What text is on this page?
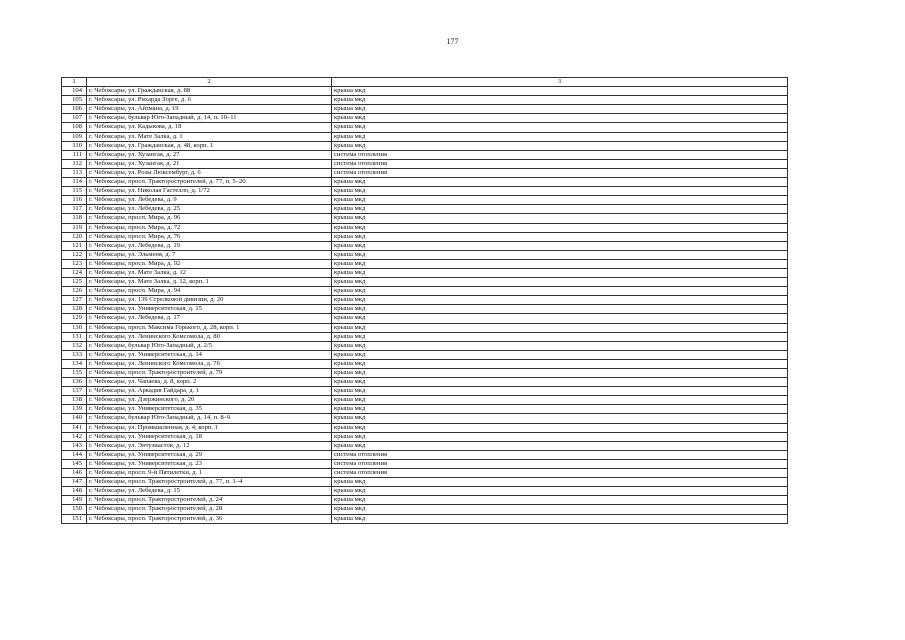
177
1	2	3
104	г. Чебоксары, ул. Гражданская, д. 88	крыша мкд
105	г. Чебоксары, ул. Рихарда Зорге, д. 6	крыша мкд
106	г. Чебоксары, ул. Айзмана, д. 19	крыша мкд
107	г. Чебоксары, бульвар Юго-Западный, д. 14, п. 10–11	крыша мкд
108	г. Чебоксары, ул. Кадыкова, д. 18	крыша мкд
109	г. Чебоксары, ул. Мате Залка, д. 1	крыша мкд
110	г. Чебоксары, ул. Гражданская, д. 48, корп. 1	крыша мкд
111	г. Чебоксары, ул. Хузангая, д. 27	система отопления
112	г. Чебоксары, ул. Хузангая, д. 21	система отопления
113	г. Чебоксары, ул. Розы Люксембург, д. 6	система отопления
114	г. Чебоксары, просп. Тракторостроителей, д. 77, п. 5–20	крыша мкд
115	г. Чебоксары, ул. Николая Гастелло, д. 1/72	крыша мкд
116	г. Чебоксары, ул. Лебедева, д. 9	крыша мкд
117	г. Чебоксары, ул. Лебедева, д. 25	крыша мкд
118	г. Чебоксары, просп. Мира, д. 96	крыша мкд
119	г. Чебоксары, просп. Мира, д. 72	крыша мкд
120	г. Чебоксары, просп. Мира, д. 76	крыша мкд
121	г. Чебоксары, ул. Лебедева, д. 19	крыша мкд
122	г. Чебоксары, ул. Эльменя, д. 7	крыша мкд
123	г. Чебоксары, просп. Мира, д. 92	крыша мкд
124	г. Чебоксары, ул. Мате Залка, д. 12	крыша мкд
125	г. Чебоксары, ул. Мате Залка, д. 12, корп. 1	крыша мкд
126	г. Чебоксары, просп. Мира, д. 94	крыша мкд
127	г. Чебоксары, ул. 139 Стрелковой дивизии, д. 20	крыша мкд
128	г. Чебоксары, ул. Университетская, д. 15	крыша мкд
129	г. Чебоксары, ул. Лебедева, д. 17	крыша мкд
130	г. Чебоксары, просп. Максима Горького, д. 28, корп. 1	крыша мкд
131	г. Чебоксары, ул. Ленинского Комсомола, д. 80	крыша мкд
132	г. Чебоксары, бульвар Юго-Западный, д. 2/5	крыша мкд
133	г. Чебоксары, ул. Университетская, д. 14	крыша мкд
134	г. Чебоксары, ул. Ленинского Комсомола, д. 76	крыша мкд
135	г. Чебоксары, просп. Тракторостроителей, д. 79	крыша мкд
136	г. Чебоксары, ул. Чапаева, д. 8, корп. 2	крыша мкд
137	г. Чебоксары, ул. Аркадия Гайдара, д. 1	крыша мкд
138	г. Чебоксары, ул. Дзержинского, д. 20	крыша мкд
139	г. Чебоксары, ул. Университетская, д. 35	крыша мкд
140	г. Чебоксары, бульвар Юго-Западный, д. 14, п. 8–9	крыша мкд
141	г. Чебоксары, ул. Промышленная, д. 4, корп. 1	крыша мкд
142	г. Чебоксары, ул. Университетская, д. 18	крыша мкд
143	г. Чебоксары, ул. Энтузиастов, д. 12	крыша мкд
144	г. Чебоксары, ул. Университетская, д. 29	система отопления
145	г. Чебоксары, ул. Университетская, д. 23	система отопления
146	г. Чебоксары, просп. 9-й Пятилетки, д. 1	система отопления
147	г. Чебоксары, просп. Тракторостроителей, д. 77, п. 1–4	крыша мкд
148	г. Чебоксары, ул. Лебедева, д. 15	крыша мкд
149	г. Чебоксары, просп. Тракторостроителей, д. 24	крыша мкд
150	г. Чебоксары, просп. Тракторостроителей, д. 28	крыша мкд
151	г. Чебоксары, просп. Тракторостроителей, д. 36	крыша мкд
